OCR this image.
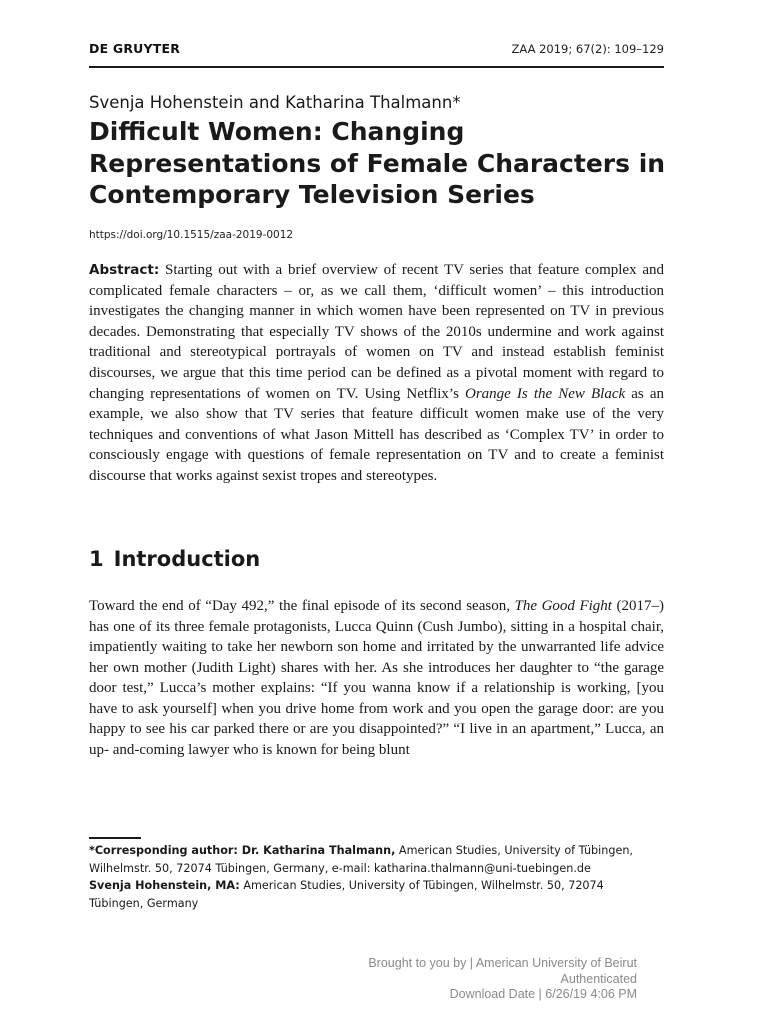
DE GRUYTER	ZAA 2019; 67(2): 109–129
Svenja Hohenstein and Katharina Thalmann*
Difficult Women: Changing Representations of Female Characters in Contemporary Television Series
https://doi.org/10.1515/zaa-2019-0012

Abstract: Starting out with a brief overview of recent TV series that feature complex and complicated female characters – or, as we call them, ‘difficult women’ – this introduction investigates the changing manner in which women have been represented on TV in previous decades. Demonstrating that especially TV shows of the 2010s undermine and work against traditional and stereotypical portrayals of women on TV and instead establish feminist discourses, we argue that this time period can be defined as a pivotal moment with regard to changing representations of women on TV. Using Netflix’s Orange Is the New Black as an example, we also show that TV series that feature difficult women make use of the very techniques and conventions of what Jason Mittell has described as ‘Complex TV’ in order to consciously engage with questions of female representation on TV and to create a feminist discourse that works against sexist tropes and stereotypes.

1 Introduction

Toward the end of “Day 492,” the final episode of its second season, The Good Fight (2017–) has one of its three female protagonists, Lucca Quinn (Cush Jumbo), sitting in a hospital chair, impatiently waiting to take her newborn son home and irritated by the unwarranted life advice her own mother (Judith Light) shares with her. As she introduces her daughter to “the garage door test,” Lucca’s mother explains: “If you wanna know if a relationship is working, [you have to ask yourself] when you drive home from work and you open the garage door: are you happy to see his car parked there or are you disappointed?” “I live in an apartment,” Lucca, an up- and-coming lawyer who is known for being blunt

*Corresponding author: Dr. Katharina Thalmann, American Studies, University of Tübingen, Wilhelmstr. 50, 72074 Tübingen, Germany, e-mail: katharina.thalmann@uni-tuebingen.de
Svenja Hohenstein, MA: American Studies, University of Tübingen, Wilhelmstr. 50, 72074 Tübingen, Germany

Brought to you by | American University of Beirut
Authenticated
Download Date | 6/26/19 4:06 PM
